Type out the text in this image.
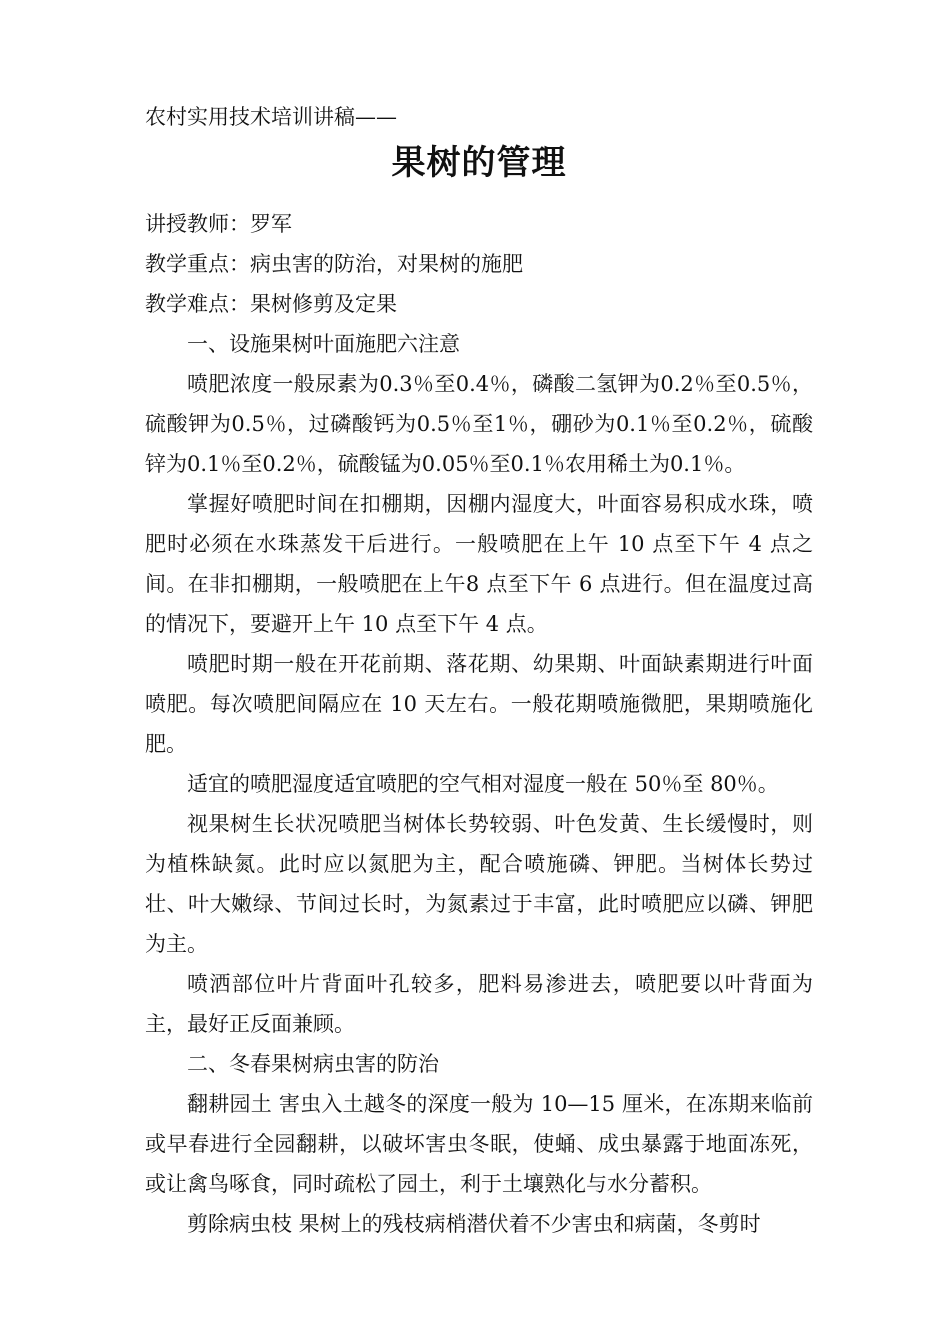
农村实用技术培训讲稿——

果树的管理

讲授教师：罗军

教学重点：病虫害的防治，对果树的施肥

教学难点：果树修剪及定果

一、设施果树叶面施肥六注意

喷肥浓度一般尿素为0.3％至0.4％，磷酸二氢钾为0.2％至0.5％，硫酸钾为0.5％，过磷酸钙为0.5％至1％，硼砂为0.1％至0.2％，硫酸锌为0.1％至0.2％，硫酸锰为0.05％至0.1％农用稀土为0.1％。

掌握好喷肥时间在扣棚期，因棚内湿度大，叶面容易积成水珠，喷肥时必须在水珠蒸发干后进行。一般喷肥在上午 10 点至下午 4 点之间。在非扣棚期，一般喷肥在上午8 点至下午 6 点进行。但在温度过高的情况下，要避开上午 10 点至下午 4 点。

喷肥时期一般在开花前期、落花期、幼果期、叶面缺素期进行叶面喷肥。每次喷肥间隔应在 10 天左右。一般花期喷施微肥，果期喷施化肥。

适宜的喷肥湿度适宜喷肥的空气相对湿度一般在 50％至 80％。

视果树生长状况喷肥当树体长势较弱、叶色发黄、生长缓慢时，则为植株缺氮。此时应以氮肥为主，配合喷施磷、钾肥。当树体长势过壮、叶大嫩绿、节间过长时，为氮素过于丰富，此时喷肥应以磷、钾肥为主。

喷洒部位叶片背面叶孔较多，肥料易渗进去，喷肥要以叶背面为主，最好正反面兼顾。

二、冬春果树病虫害的防治

翻耕园土 害虫入土越冬的深度一般为 10—15 厘米，在冻期来临前或早春进行全园翻耕，以破坏害虫冬眠，使蛹、成虫暴露于地面冻死，或让禽鸟啄食，同时疏松了园土，利于土壤熟化与水分蓄积。

剪除病虫枝 果树上的残枝病梢潜伏着不少害虫和病菌，冬剪时
